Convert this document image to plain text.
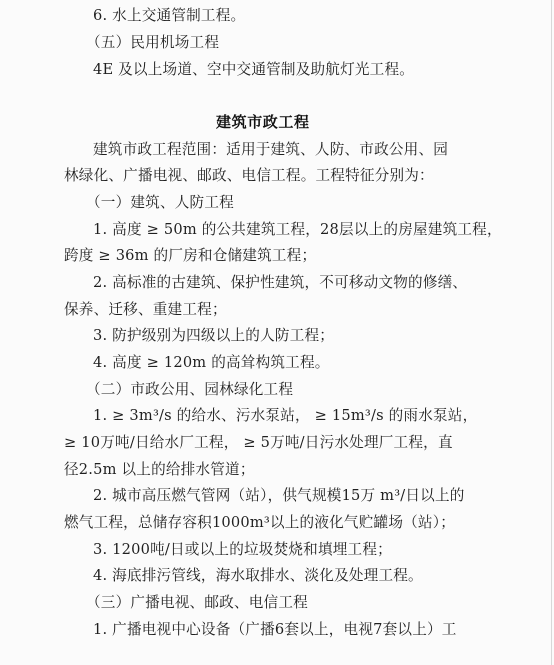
6. 水上交通管制工程。
（五）民用机场工程
4E 及以上场道、空中交通管制及助航灯光工程。
建筑市政工程
建筑市政工程范围：适用于建筑、人防、市政公用、园
林绿化、广播电视、邮政、电信工程。工程特征分别为：
（一）建筑、人防工程
1. 高度 ≥ 50m 的公共建筑工程，28层以上的房屋建筑工程，
跨度 ≥ 36m 的厂房和仓储建筑工程；
2. 高标准的古建筑、保护性建筑，不可移动文物的修缮、
保养、迁移、重建工程；
3. 防护级别为四级以上的人防工程；
4. 高度 ≥ 120m 的高耸构筑工程。
（二）市政公用、园林绿化工程
1. ≥ 3m³/s 的给水、污水泵站， ≥ 15m³/s 的雨水泵站，
≥ 10万吨/日给水厂工程， ≥ 5万吨/日污水处理厂工程，直
径2.5m 以上的给排水管道；
2. 城市高压燃气管网（站），供气规模15万 m³/日以上的
燃气工程，总储存容积1000m³以上的液化气贮罐场（站）；
3. 1200吨/日或以上的垃圾焚烧和填埋工程；
4. 海底排污管线，海水取排水、淡化及处理工程。
（三）广播电视、邮政、电信工程
1. 广播电视中心设备（广播6套以上，电视7套以上）工
